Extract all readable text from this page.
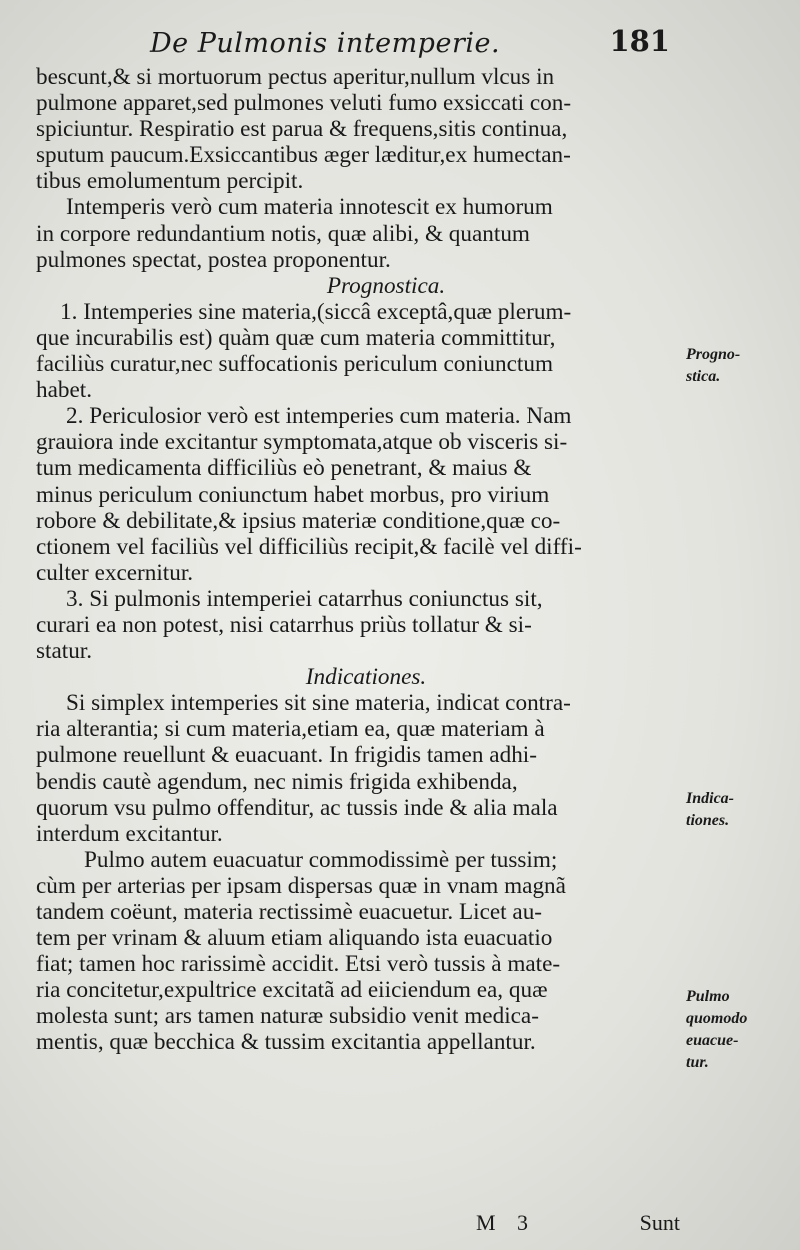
De Pulmonis intemperie.	181
bescunt,& si mortuorum pectus aperitur,nullum vlcus in
pulmone apparet,sed pulmones veluti fumo exsiccati con-
spiciuntur. Respiratio est parua & frequens,sitis continua,
sputum paucum.Exsiccantibus æger læditur,ex humectan-
tibus emolumentum percipit.
Intemperis verò cum materia innotescit ex humorum
in corpore redundantium notis, quæ alibi, & quantum
pulmones spectat, postea proponentur.
Prognostica.
1. Intemperies sine materia,(siccâ exceptâ,quæ plerum-
que incurabilis est) quàm quæ cum materia committitur,
faciliùs curatur,nec suffocationis periculum coniunctum
habet.
2. Periculosior verò est intemperies cum materia. Nam
grauiora inde excitantur symptomata,atque ob visceris si-
tum medicamenta difficiliùs eò penetrant, & maius &
minus periculum coniunctum habet morbus, pro virium
robore & debilitate,& ipsius materiæ conditione,quæ co-
ctionem vel faciliùs vel difficiliùs recipit,& facilè vel diffi-
culter excernitur.
3. Si pulmonis intemperiei catarrhus coniunctus sit,
curari ea non potest, nisi catarrhus priùs tollatur & si-
statur.
Indicationes.
Si simplex intemperies sit sine materia, indicat contra-
ria alterantia; si cum materia,etiam ea, quæ materiam à
pulmone reuellunt & euacuant. In frigidis tamen adhi-
bendis cautè agendum, nec nimis frigida exhibenda,
quorum vsu pulmo offenditur, ac tussis inde & alia mala
interdum excitantur.
Pulmo autem euacuatur commodissimè per tussim;
cùm per arterias per ipsam dispersas quæ in vnam magnã
tandem coëunt, materia rectissimè euacuetur. Licet au-
tem per vrinam & aluum etiam aliquando ista euacuatio
fiat; tamen hoc rarissimè accidit. Etsi verò tussis à mate-
ria concitetur,expultrice excitatã ad eiiciendum ea, quæ
molesta sunt; ars tamen naturæ subsidio venit medica-
mentis, quæ becchica & tussim excitantia appellantur.
Progno-
stica.
Indica-
tiones.
Pulmo
quomodo
euacue-
tur.
M 3	Sunt
